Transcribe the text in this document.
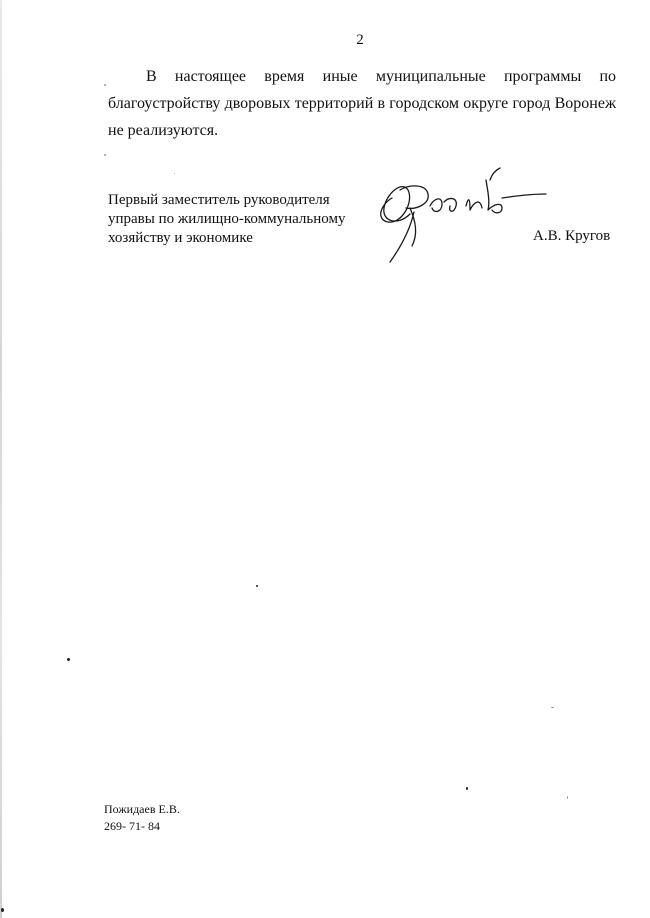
2
В настоящее время иные муниципальные программы по благоустройству дворовых территорий в городском округе город Воронеж не реализуются.
Первый заместитель руководителя
управы по жилищно-коммунальному
хозяйству и экономике	А.В. Кругов
Пожидаев Е.В.
269- 71- 84
